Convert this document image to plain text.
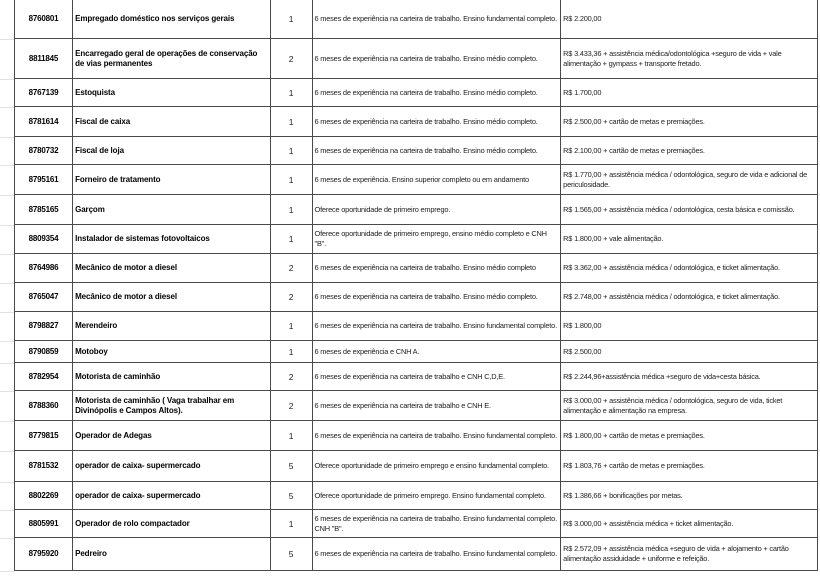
8760801	Empregado doméstico nos serviços gerais	1	6 meses de experiência na carteira de trabalho. Ensino fundamental completo.	R$ 2.200,00
8811845	Encarregado geral de operações de conservação de vias permanentes	2	6 meses de experiência na carteira de trabalho. Ensino médio completo.	R$ 3.433,36 + assistência médica/odontológica +seguro de vida + vale alimentação + gympass + transporte fretado.
8767139	Estoquista	1	6 meses de experiência na carteira de trabalho. Ensino médio completo.	R$ 1.700,00
8781614	Fiscal de caixa	1	6 meses de experiência na carteira de trabalho. Ensino médio completo.	R$ 2.500,00 + cartão de metas e premiações.
8780732	Fiscal de loja	1	6 meses de experiência na carteira de trabalho. Ensino médio completo.	R$ 2.100,00 + cartão de metas e premiações.
8795161	Forneiro de tratamento	1	6 meses de experiência. Ensino superior completo ou em andamento	R$ 1.770,00 + assistência médica / odontológica, seguro de vida e adicional de periculosidade.
8785165	Garçom	1	Oferece oportunidade de primeiro emprego.	R$ 1.565,00 + assistência médica / odontológica, cesta básica e comissão.
8809354	Instalador de sistemas fotovoltaicos	1	Oferece oportunidade de primeiro emprego, ensino médio completo e CNH "B".	R$ 1.800,00 + vale alimentação.
8764986	Mecânico de motor a diesel	2	6 meses de experiência na carteira de trabalho. Ensino médio completo	R$ 3.362,00 + assistência médica / odontológica, e ticket alimentação.
8765047	Mecânico de motor a diesel	2	6 meses de experiência na carteira de trabalho. Ensino médio completo.	R$ 2.748,00 + assistência médica / odontológica, e ticket alimentação.
8798827	Merendeiro	1	6 meses de experiência na carteira de trabalho. Ensino fundamental completo.	R$ 1.800,00
8790859	Motoboy	1	6 meses de experiência e CNH A.	R$ 2.500,00
8782954	Motorista de caminhão	2	6 meses de experiência na carteira de trabalho e CNH C,D,E.	R$ 2.244,96+assistência médica +seguro de vida+cesta básica.
8788360	Motorista de caminhão ( Vaga trabalhar em Divinópolis e Campos Altos).	2	6 meses de experiência na carteira de trabalho e CNH E.	R$ 3.000,00 + assistência médica / odontológica, seguro de vida, ticket alimentação e alimentação na empresa.
8779815	Operador de Adegas	1	6 meses de experiência na carteira de trabalho. Ensino fundamental completo.	R$ 1.800,00 + cartão de metas e premiações.
8781532	operador de caixa- supermercado	5	Oferece oportunidade de primeiro emprego e ensino fundamental completo.	R$ 1.803,76 + cartão de metas e premiações.
8802269	operador de caixa- supermercado	5	Oferece oportunidade de primeiro emprego. Ensino fundamental completo.	R$ 1.386,66 + bonificações por metas.
8805991	Operador de rolo compactador	1	6 meses de experiência na carteira de trabalho. Ensino fundamental completo. CNH "B".	R$ 3.000,00 + assistência médica + ticket alimentação.
8795920	Pedreiro	5	6 meses de experiência na carteira de trabalho. Ensino fundamental completo.	R$ 2.572,09 + assistência médica +seguro de vida + alojamento + cartão alimentação assiduidade + uniforme e refeição.
